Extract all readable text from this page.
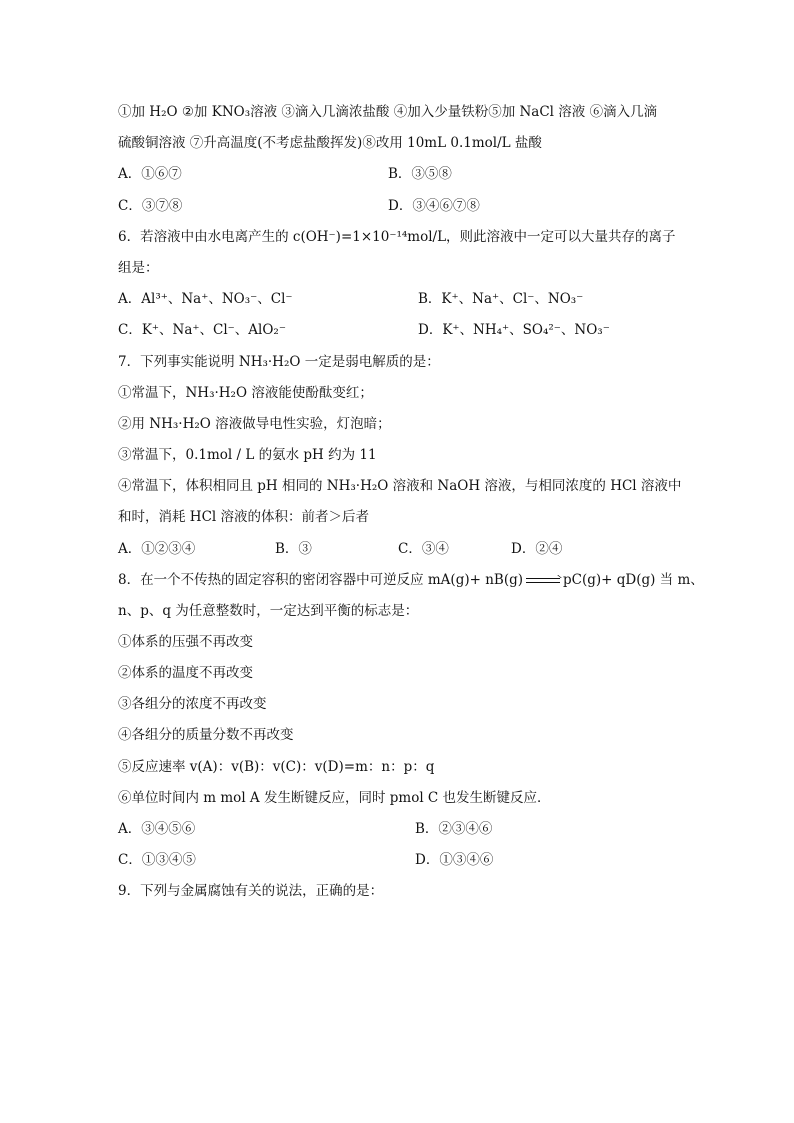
①加 H₂O ②加 KNO₃溶液 ③滴入几滴浓盐酸 ④加入少量铁粉⑤加 NaCl 溶液 ⑥滴入几滴
硫酸铜溶液 ⑦升高温度(不考虑盐酸挥发)⑧改用 10mL 0.1mol/L 盐酸
A．①⑥⑦	B．③⑤⑧
C．③⑦⑧	D．③④⑥⑦⑧
6．若溶液中由水电离产生的 c(OH⁻)=1×10⁻¹⁴mol/L，则此溶液中一定可以大量共存的离子
组是：
A．Al³⁺、Na⁺、NO₃⁻、Cl⁻	B．K⁺、Na⁺、Cl⁻、NO₃⁻
C．K⁺、Na⁺、Cl⁻、AlO₂⁻	D．K⁺、NH₄⁺、SO₄²⁻、NO₃⁻
7．下列事实能说明 NH₃·H₂O 一定是弱电解质的是：
①常温下，NH₃·H₂O 溶液能使酚酞变红；
②用 NH₃·H₂O 溶液做导电性实验，灯泡暗；
③常温下，0.1mol / L 的氨水 pH 约为 11
④常温下，体积相同且 pH 相同的 NH₃·H₂O 溶液和 NaOH 溶液，与相同浓度的 HCl 溶液中
和时，消耗 HCl 溶液的体积：前者＞后者
A．①②③④	B．③	C．③④	D．②④
8．在一个不传热的固定容积的密闭容器中可逆反应 mA(g)+ nB(g)	pC(g)+ qD(g) 当 m、
n、p、q 为任意整数时，一定达到平衡的标志是：
①体系的压强不再改变
②体系的温度不再改变
③各组分的浓度不再改变
④各组分的质量分数不再改变
⑤反应速率 v(A)：v(B)：v(C)：v(D)=m：n：p：q
⑥单位时间内 m mol A 发生断键反应，同时 pmol C 也发生断键反应．
A．③④⑤⑥	B．②③④⑥
C．①③④⑤	D．①③④⑥
9．下列与金属腐蚀有关的说法，正确的是：
